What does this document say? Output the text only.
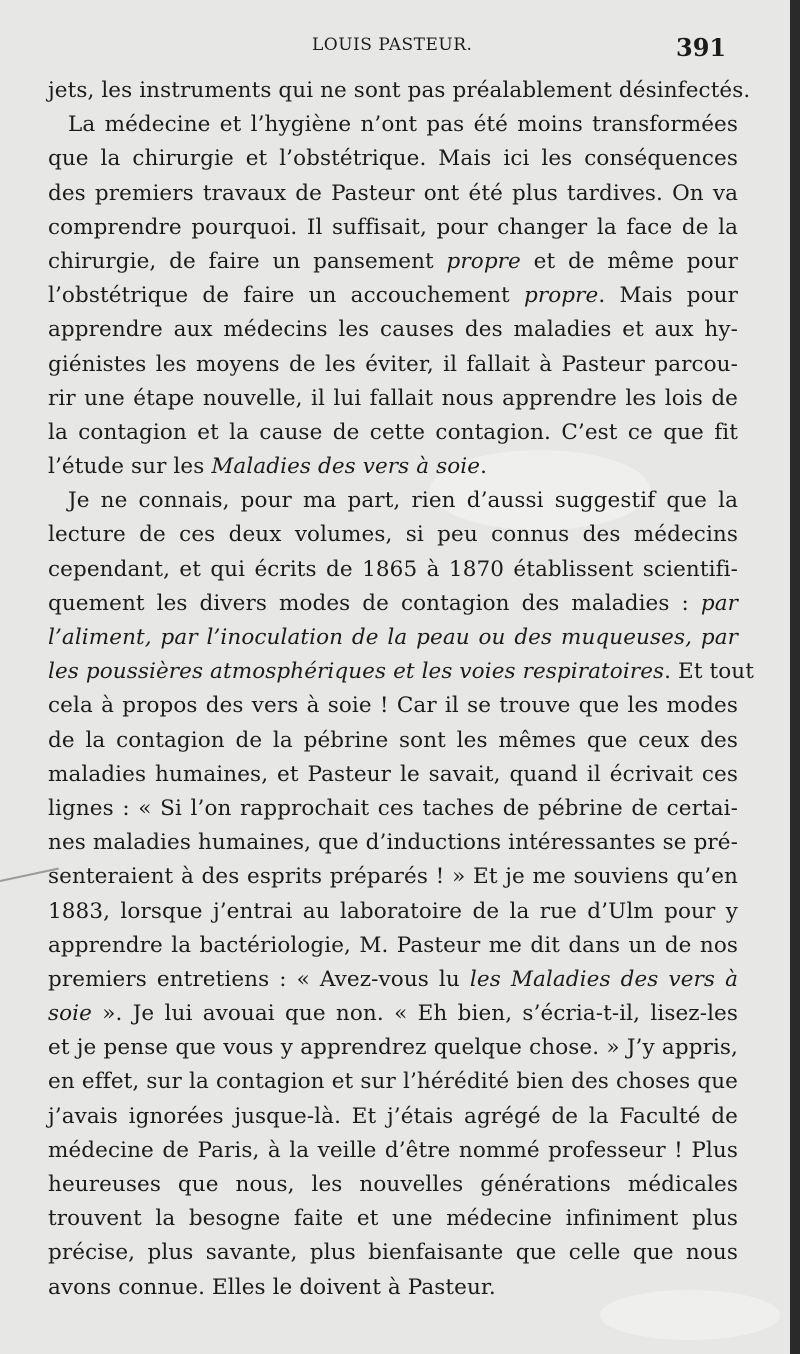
LOUIS PASTEUR.	391
jets, les instruments qui ne sont pas préalablement désinfectés.
La médecine et l’hygiène n’ont pas été moins transformées
que la chirurgie et l’obstétrique. Mais ici les conséquences
des premiers travaux de Pasteur ont été plus tardives. On va
comprendre pourquoi. Il suffisait, pour changer la face de la
chirurgie, de faire un pansement propre et de même pour
l’obstétrique de faire un accouchement propre. Mais pour
apprendre aux médecins les causes des maladies et aux hy-
giénistes les moyens de les éviter, il fallait à Pasteur parcou-
rir une étape nouvelle, il lui fallait nous apprendre les lois de
la contagion et la cause de cette contagion. C’est ce que fit
l’étude sur les Maladies des vers à soie.
Je ne connais, pour ma part, rien d’aussi suggestif que la
lecture de ces deux volumes, si peu connus des médecins
cependant, et qui écrits de 1865 à 1870 établissent scientifi-
quement les divers modes de contagion des maladies : par
l’aliment, par l’inoculation de la peau ou des muqueuses, par
les poussières atmosphériques et les voies respiratoires. Et tout
cela à propos des vers à soie ! Car il se trouve que les modes
de la contagion de la pébrine sont les mêmes que ceux des
maladies humaines, et Pasteur le savait, quand il écrivait ces
lignes : « Si l’on rapprochait ces taches de pébrine de certai-
nes maladies humaines, que d’inductions intéressantes se pré-
senteraient à des esprits préparés ! » Et je me souviens qu’en
1883, lorsque j’entrai au laboratoire de la rue d’Ulm pour y
apprendre la bactériologie, M. Pasteur me dit dans un de nos
premiers entretiens : « Avez-vous lu les Maladies des vers à
soie ». Je lui avouai que non. « Eh bien, s’écria-t-il, lisez-les
et je pense que vous y apprendrez quelque chose. » J’y appris,
en effet, sur la contagion et sur l’hérédité bien des choses que
j’avais ignorées jusque-là. Et j’étais agrégé de la Faculté de
médecine de Paris, à la veille d’être nommé professeur ! Plus
heureuses que nous, les nouvelles générations médicales
trouvent la besogne faite et une médecine infiniment plus
précise, plus savante, plus bienfaisante que celle que nous
avons connue. Elles le doivent à Pasteur.
